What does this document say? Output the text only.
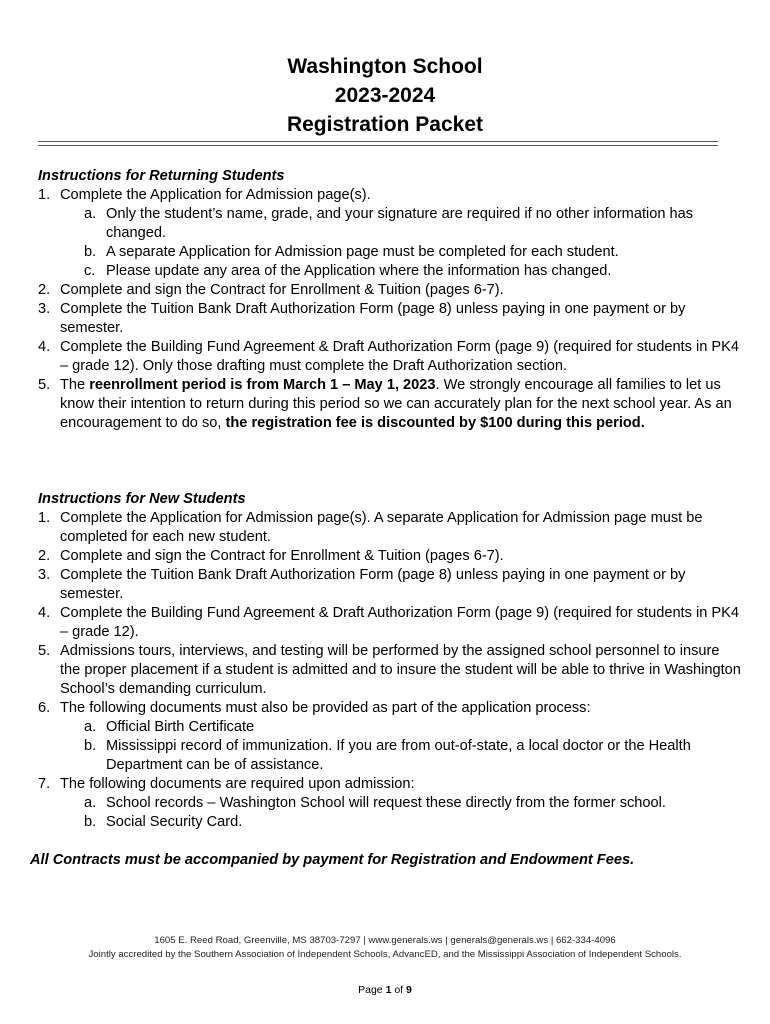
Washington School
2023-2024
Registration Packet
Instructions for Returning Students
1. Complete the Application for Admission page(s).
a. Only the student’s name, grade, and your signature are required if no other information has changed.
b. A separate Application for Admission page must be completed for each student.
c. Please update any area of the Application where the information has changed.
2. Complete and sign the Contract for Enrollment & Tuition (pages 6-7).
3. Complete the Tuition Bank Draft Authorization Form (page 8) unless paying in one payment or by semester.
4. Complete the Building Fund Agreement & Draft Authorization Form (page 9) (required for students in PK4 – grade 12). Only those drafting must complete the Draft Authorization section.
5. The reenrollment period is from March 1 – May 1, 2023. We strongly encourage all families to let us know their intention to return during this period so we can accurately plan for the next school year. As an encouragement to do so, the registration fee is discounted by $100 during this period.
Instructions for New Students
1. Complete the Application for Admission page(s). A separate Application for Admission page must be completed for each new student.
2. Complete and sign the Contract for Enrollment & Tuition (pages 6-7).
3. Complete the Tuition Bank Draft Authorization Form (page 8) unless paying in one payment or by semester.
4. Complete the Building Fund Agreement & Draft Authorization Form (page 9) (required for students in PK4 – grade 12).
5. Admissions tours, interviews, and testing will be performed by the assigned school personnel to insure the proper placement if a student is admitted and to insure the student will be able to thrive in Washington School’s demanding curriculum.
6. The following documents must also be provided as part of the application process:
a. Official Birth Certificate
b. Mississippi record of immunization. If you are from out-of-state, a local doctor or the Health Department can be of assistance.
7. The following documents are required upon admission:
a. School records – Washington School will request these directly from the former school.
b. Social Security Card.
All Contracts must be accompanied by payment for Registration and Endowment Fees.
1605 E. Reed Road, Greenville, MS 38703-7297 | www.generals.ws | generals@generals.ws | 662-334-4096
Jointly accredited by the Southern Association of Independent Schools, AdvancED, and the Mississippi Association of Independent Schools.
Page 1 of 9
